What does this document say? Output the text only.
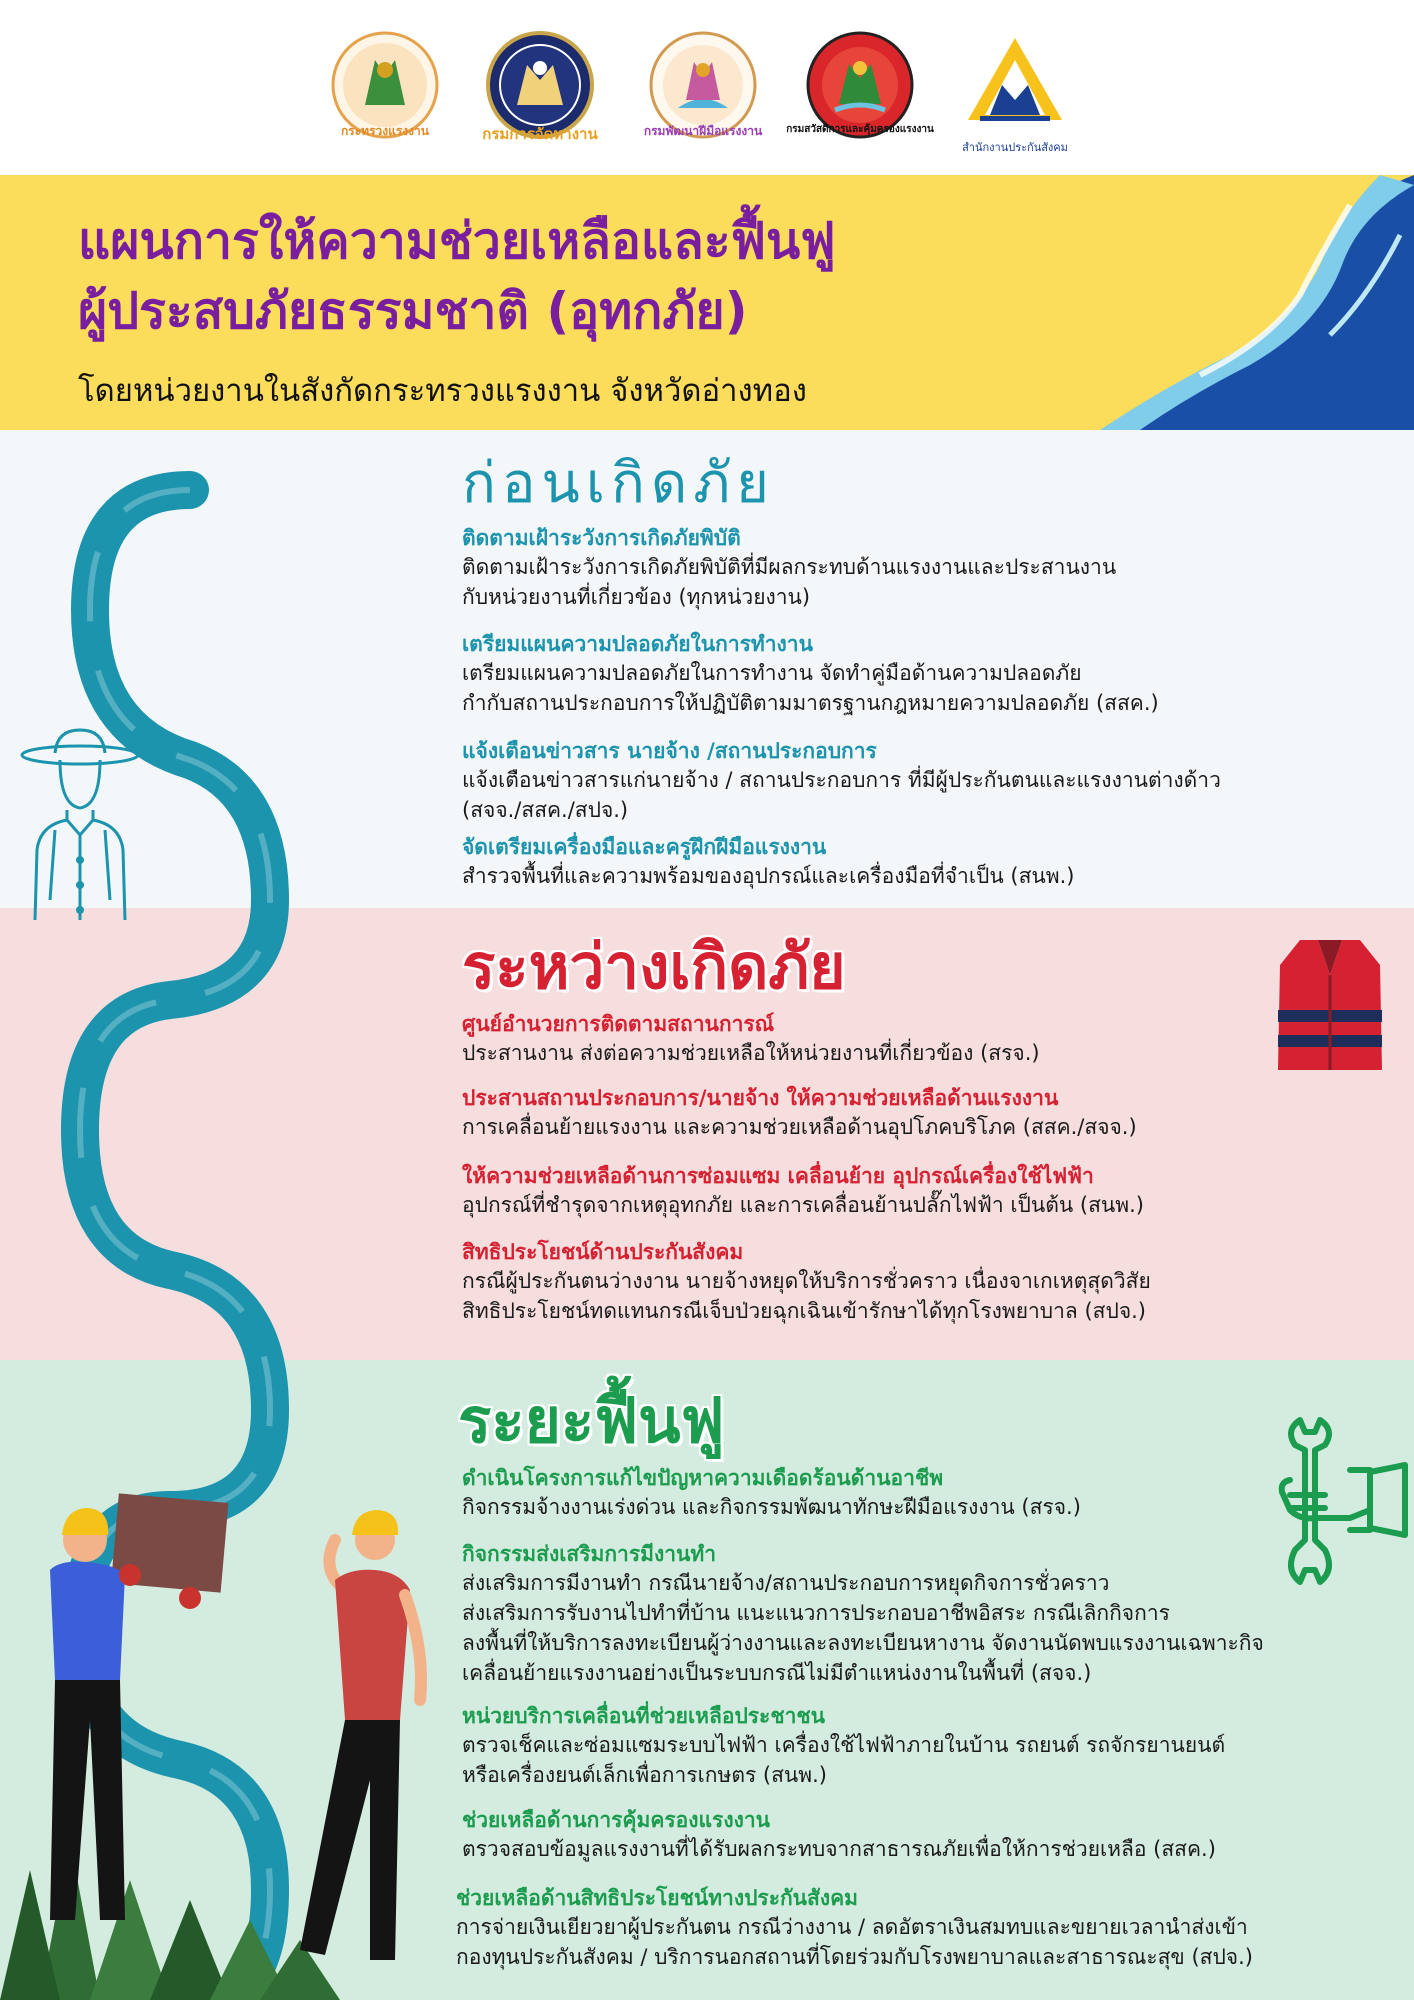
กระทรวงแรงงาน	กรมการจัดหางาน	กรมพัฒนาฝีมือแรงงาน	กรมสวัสดิการและคุ้มครองแรงงาน
สำนักงานประกันสังคม
แผนการให้ความช่วยเหลือและฟื้นฟู
ผู้ประสบภัยธรรมชาติ (อุทกภัย)
โดยหน่วยงานในสังกัดกระทรวงแรงงาน จังหวัดอ่างทอง
ก่อนเกิดภัย
ระหว่างเกิดภัย
ระยะฟื้นฟู
ติดตามเฝ้าระวังการเกิดภัยพิบัติ
ติดตามเฝ้าระวังการเกิดภัยพิบัติที่มีผลกระทบด้านแรงงานและประสานงาน
กับหน่วยงานที่เกี่ยวข้อง (ทุกหน่วยงาน)
เตรียมแผนความปลอดภัยในการทำงาน
เตรียมแผนความปลอดภัยในการทำงาน จัดทำคู่มือด้านความปลอดภัย
กำกับสถานประกอบการให้ปฏิบัติตามมาตรฐานกฎหมายความปลอดภัย (สสค.)
แจ้งเตือนข่าวสาร นายจ้าง /สถานประกอบการ
แจ้งเตือนข่าวสารแก่นายจ้าง / สถานประกอบการ ที่มีผู้ประกันตนและแรงงานต่างด้าว
(สจจ./สสค./สปจ.)
จัดเตรียมเครื่องมือและครูฝึกฝีมือแรงงาน
สำรวจพื้นที่และความพร้อมของอุปกรณ์และเครื่องมือที่จำเป็น (สนพ.)
ศูนย์อำนวยการติดตามสถานการณ์
ประสานงาน ส่งต่อความช่วยเหลือให้หน่วยงานที่เกี่ยวข้อง (สรจ.)
ประสานสถานประกอบการ/นายจ้าง ให้ความช่วยเหลือด้านแรงงาน
การเคลื่อนย้ายแรงงาน และความช่วยเหลือด้านอุปโภคบริโภค (สสค./สจจ.)
ให้ความช่วยเหลือด้านการซ่อมแซม เคลื่อนย้าย อุปกรณ์เครื่องใช้ไฟฟ้า
อุปกรณ์ที่ชำรุดจากเหตุอุทกภัย และการเคลื่อนย้านปลั๊กไฟฟ้า เป็นต้น (สนพ.)
สิทธิประโยชน์ด้านประกันสังคม
กรณีผู้ประกันตนว่างงาน นายจ้างหยุดให้บริการชั่วคราว เนื่องจาเกเหตุสุดวิสัย
สิทธิประโยชน์ทดแทนกรณีเจ็บป่วยฉุกเฉินเข้ารักษาได้ทุกโรงพยาบาล (สปจ.)
ดำเนินโครงการแก้ไขปัญหาความเดือดร้อนด้านอาชีพ
กิจกรรมจ้างงานเร่งด่วน และกิจกรรมพัฒนาทักษะฝีมือแรงงาน (สรจ.)
กิจกรรมส่งเสริมการมีงานทำ
ส่งเสริมการมีงานทำ กรณีนายจ้าง/สถานประกอบการหยุดกิจการชั่วคราว
ส่งเสริมการรับงานไปทำที่บ้าน แนะแนวการประกอบอาชีพอิสระ กรณีเลิกกิจการ
ลงพื้นที่ให้บริการลงทะเบียนผู้ว่างงานและลงทะเบียนหางาน จัดงานนัดพบแรงงานเฉพาะกิจ
เคลื่อนย้ายแรงงานอย่างเป็นระบบกรณีไม่มีตำแหน่งงานในพื้นที่ (สจจ.)
หน่วยบริการเคลื่อนที่ช่วยเหลือประชาชน
ตรวจเช็คและซ่อมแซมระบบไฟฟ้า เครื่องใช้ไฟฟ้าภายในบ้าน รถยนต์ รถจักรยานยนต์
หรือเครื่องยนต์เล็กเพื่อการเกษตร (สนพ.)
ช่วยเหลือด้านการคุ้มครองแรงงาน
ตรวจสอบข้อมูลแรงงานที่ได้รับผลกระทบจากสาธารณภัยเพื่อให้การช่วยเหลือ (สสค.)
ช่วยเหลือด้านสิทธิประโยชน์ทางประกันสังคม
การจ่ายเงินเยียวยาผู้ประกันตน กรณีว่างงาน / ลดอัตราเงินสมทบและขยายเวลานำส่งเข้า
กองทุนประกันสังคม / บริการนอกสถานที่โดยร่วมกับโรงพยาบาลและสาธารณะสุข (สปจ.)
